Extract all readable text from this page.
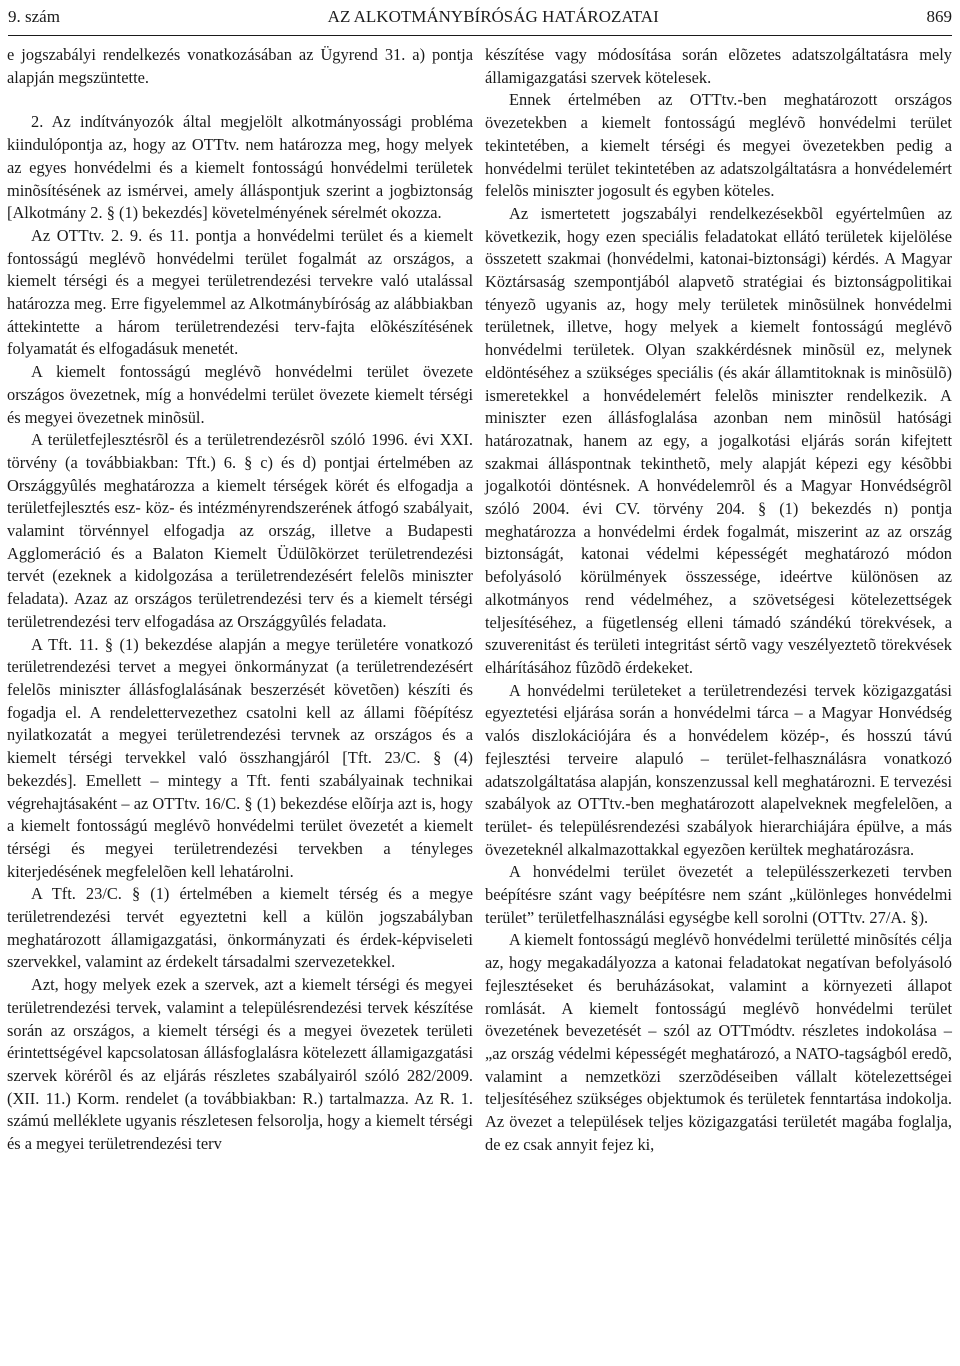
9. szám	AZ ALKOTMÁNYBÍRÓSÁG HATÁROZATAI	869

e jogszabályi rendelkezés vonatkozásában az Ügyrend 31. a) pontja alapján megszüntette.

2. Az indítványozók által megjelölt alkotmányossági probléma kiindulópontja az, hogy az OTTtv. nem határozza meg, hogy melyek az egyes honvédelmi és a kiemelt fontosságú honvédelmi területek minõsítésének az ismérvei, amely álláspontjuk szerint a jogbiztonság [Alkotmány 2. § (1) bekezdés] követelményének sérelmét okozza.

Az OTTtv. 2. 9. és 11. pontja a honvédelmi terület és a kiemelt fontosságú meglévõ honvédelmi terület fogalmát az országos, a kiemelt térségi és a megyei területrendezési tervekre való utalással határozza meg. Erre figyelemmel az Alkotmánybíróság az alábbiakban áttekintette a három területrendezési terv-fajta elõkészítésének folyamatát és elfogadásuk menetét.

A kiemelt fontosságú meglévõ honvédelmi terület övezete országos övezetnek, míg a honvédelmi terület övezete kiemelt térségi és megyei övezetnek minõsül.

A területfejlesztésrõl és a területrendezésrõl szóló 1996. évi XXI. törvény (a továbbiakban: Tft.) 6. § c) és d) pontjai értelmében az Országgyûlés meghatározza a kiemelt térségek körét és elfogadja a területfejlesztés esz- köz- és intézményrendszerének átfogó szabályait, valamint törvénnyel elfogadja az ország, illetve a Budapesti Agglomeráció és a Balaton Kiemelt Üdülõkörzet területrendezési tervét (ezeknek a kidolgozása a területrendezésért felelõs miniszter feladata). Azaz az országos területrendezési terv és a kiemelt térségi területrendezési terv elfogadása az Országgyûlés feladata.

A Tft. 11. § (1) bekezdése alapján a megye területére vonatkozó területrendezési tervet a megyei önkormányzat (a területrendezésért felelõs miniszter állásfoglalásának beszerzését követõen) készíti és fogadja el. A rendelettervezethez csatolni kell az állami fõépítész nyilatkozatát a megyei területrendezési tervnek az országos és a kiemelt térségi tervekkel való összhangjáról [Tft. 23/C. § (4) bekezdés]. Emellett – mintegy a Tft. fenti szabályainak technikai végrehajtásaként – az OTTtv. 16/C. § (1) bekezdése elõírja azt is, hogy a kiemelt fontosságú meglévõ honvédelmi terület övezetét a kiemelt térségi és megyei területrendezési tervekben a tényleges kiterjedésének megfelelõen kell lehatárolni.

A Tft. 23/C. § (1) értelmében a kiemelt térség és a megye területrendezési tervét egyeztetni kell a külön jogszabályban meghatározott államigazgatási, önkormányzati és érdek-képviseleti szervekkel, valamint az érdekelt társadalmi szervezetekkel.

Azt, hogy melyek ezek a szervek, azt a kiemelt térségi és megyei területrendezési tervek, valamint a településrendezési tervek készítése során az országos, a kiemelt térségi és a megyei övezetek területi érintettségével kapcsolatosan állásfoglalásra kötelezett államigazgatási szervek körérõl és az eljárás részletes szabályairól szóló 282/2009. (XII. 11.) Korm. rendelet (a továbbiakban: R.) tartalmazza. Az R. 1. számú melléklete ugyanis részletesen felsorolja, hogy a kiemelt térségi és a megyei területrendezési terv

készítése vagy módosítása során elõzetes adatszolgáltatásra mely államigazgatási szervek kötelesek.

Ennek értelmében az OTTtv.-ben meghatározott országos övezetekben a kiemelt fontosságú meglévõ honvédelmi terület tekintetében, a kiemelt térségi és megyei övezetekben pedig a honvédelmi terület tekintetében az adatszolgáltatásra a honvédelemért felelõs miniszter jogosult és egyben köteles.

Az ismertetett jogszabályi rendelkezésekbõl egyértelmûen az következik, hogy ezen speciális feladatokat ellátó területek kijelölése összetett szakmai (honvédelmi, katonai-biztonsági) kérdés. A Magyar Köztársaság szempontjából alapvetõ stratégiai és biztonságpolitikai tényezõ ugyanis az, hogy mely területek minõsülnek honvédelmi területnek, illetve, hogy melyek a kiemelt fontosságú meglévõ honvédelmi területek. Olyan szakkérdésnek minõsül ez, melynek eldöntéséhez a szükséges speciális (és akár államtitoknak is minõsülõ) ismeretekkel a honvédelemért felelõs miniszter rendelkezik. A miniszter ezen állásfoglalása azonban nem minõsül hatósági határozatnak, hanem az egy, a jogalkotási eljárás során kifejtett szakmai álláspontnak tekinthetõ, mely alapját képezi egy késõbbi jogalkotói döntésnek. A honvédelemrõl és a Magyar Honvédségrõl szóló 2004. évi CV. törvény 204. § (1) bekezdés n) pontja meghatározza a honvédelmi érdek fogalmát, miszerint az az ország biztonságát, katonai védelmi képességét meghatározó módon befolyásoló körülmények összessége, ideértve különösen az alkotmányos rend védelméhez, a szövetségesi kötelezettségek teljesítéséhez, a fügetlenség elleni támadó szándékú törekvések, a szuverenitást és területi integritást sértõ vagy veszélyeztetõ törekvések elhárításához fûzõdõ érdekeket.

A honvédelmi területeket a területrendezési tervek közigazgatási egyeztetési eljárása során a honvédelmi tárca – a Magyar Honvédség valós diszlokációjára és a honvédelem közép-, és hosszú távú fejlesztési terveire alapuló – terület-felhasználásra vonatkozó adatszolgáltatása alapján, konszenzussal kell meghatározni. E tervezési szabályok az OTTtv.-ben meghatározott alapelveknek megfelelõen, a terület- és településrendezési szabályok hierarchiájára épülve, a más övezeteknél alkalmazottakkal egyezõen kerültek meghatározásra.

A honvédelmi terület övezetét a településszerkezeti tervben beépítésre szánt vagy beépítésre nem szánt „különleges honvédelmi terület” területfelhasználási egységbe kell sorolni (OTTtv. 27/A. §).

A kiemelt fontosságú meglévõ honvédelmi területté minõsítés célja az, hogy megakadályozza a katonai feladatokat negatívan befolyásoló fejlesztéseket és beruházásokat, valamint a környezeti állapot romlását. A kiemelt fontosságú meglévõ honvédelmi terület övezetének bevezetését – szól az OTTmódtv. részletes indokolása – „az ország védelmi képességét meghatározó, a NATO-tagságból eredõ, valamint a nemzetközi szerzõdéseiben vállalt kötelezettségei teljesítéséhez szükséges objektumok és területek fenntartása indokolja. Az övezet a települések teljes közigazgatási területét magába foglalja, de ez csak annyit fejez ki,
